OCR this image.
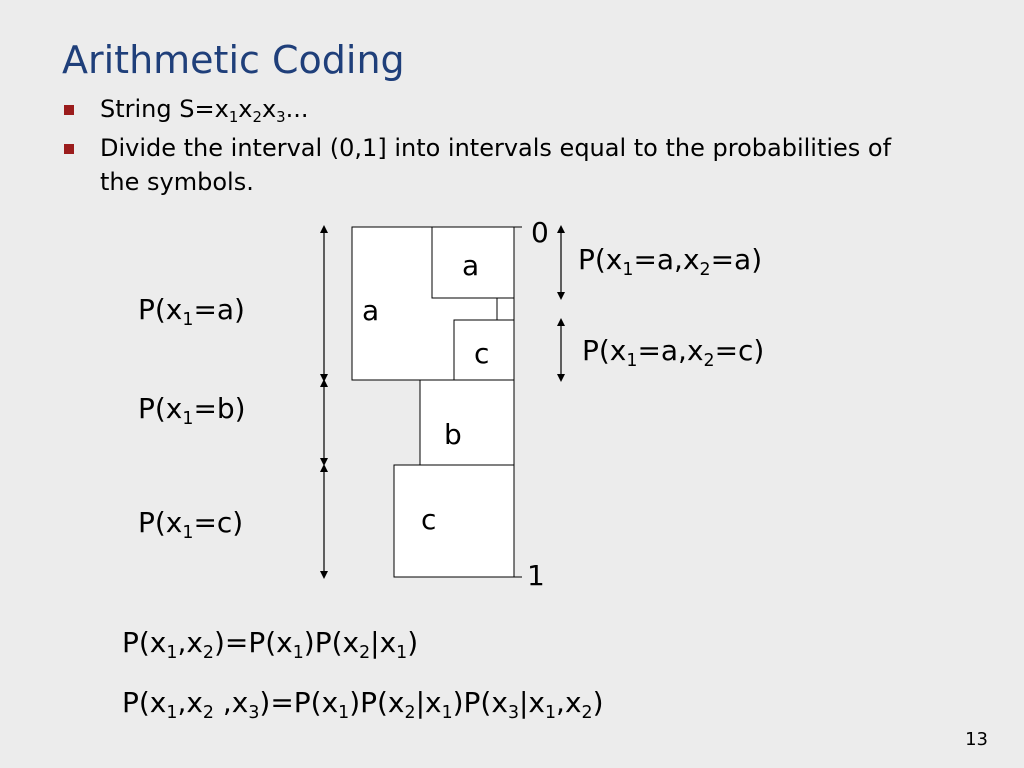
Arithmetic Coding
String $S=x_1x_2x_3$...
Divide the interval (0,1] into intervals equal to the probabilities of the symbols.
0
1
a
a
c
b
c
$P(x_1=a)$
$P(x_1=b)$
$P(x_1=c)$
$P(x_1=a,x_2=a)$
$P(x_1=a,x_2=c)$
$P(x_1,x_2)=P(x_1)P(x_2|x_1)$
$P(x_1,x_2$ $,x_3)=P(x_1)P(x_2|x_1)P(x_3|x_1,x_2)$
13
